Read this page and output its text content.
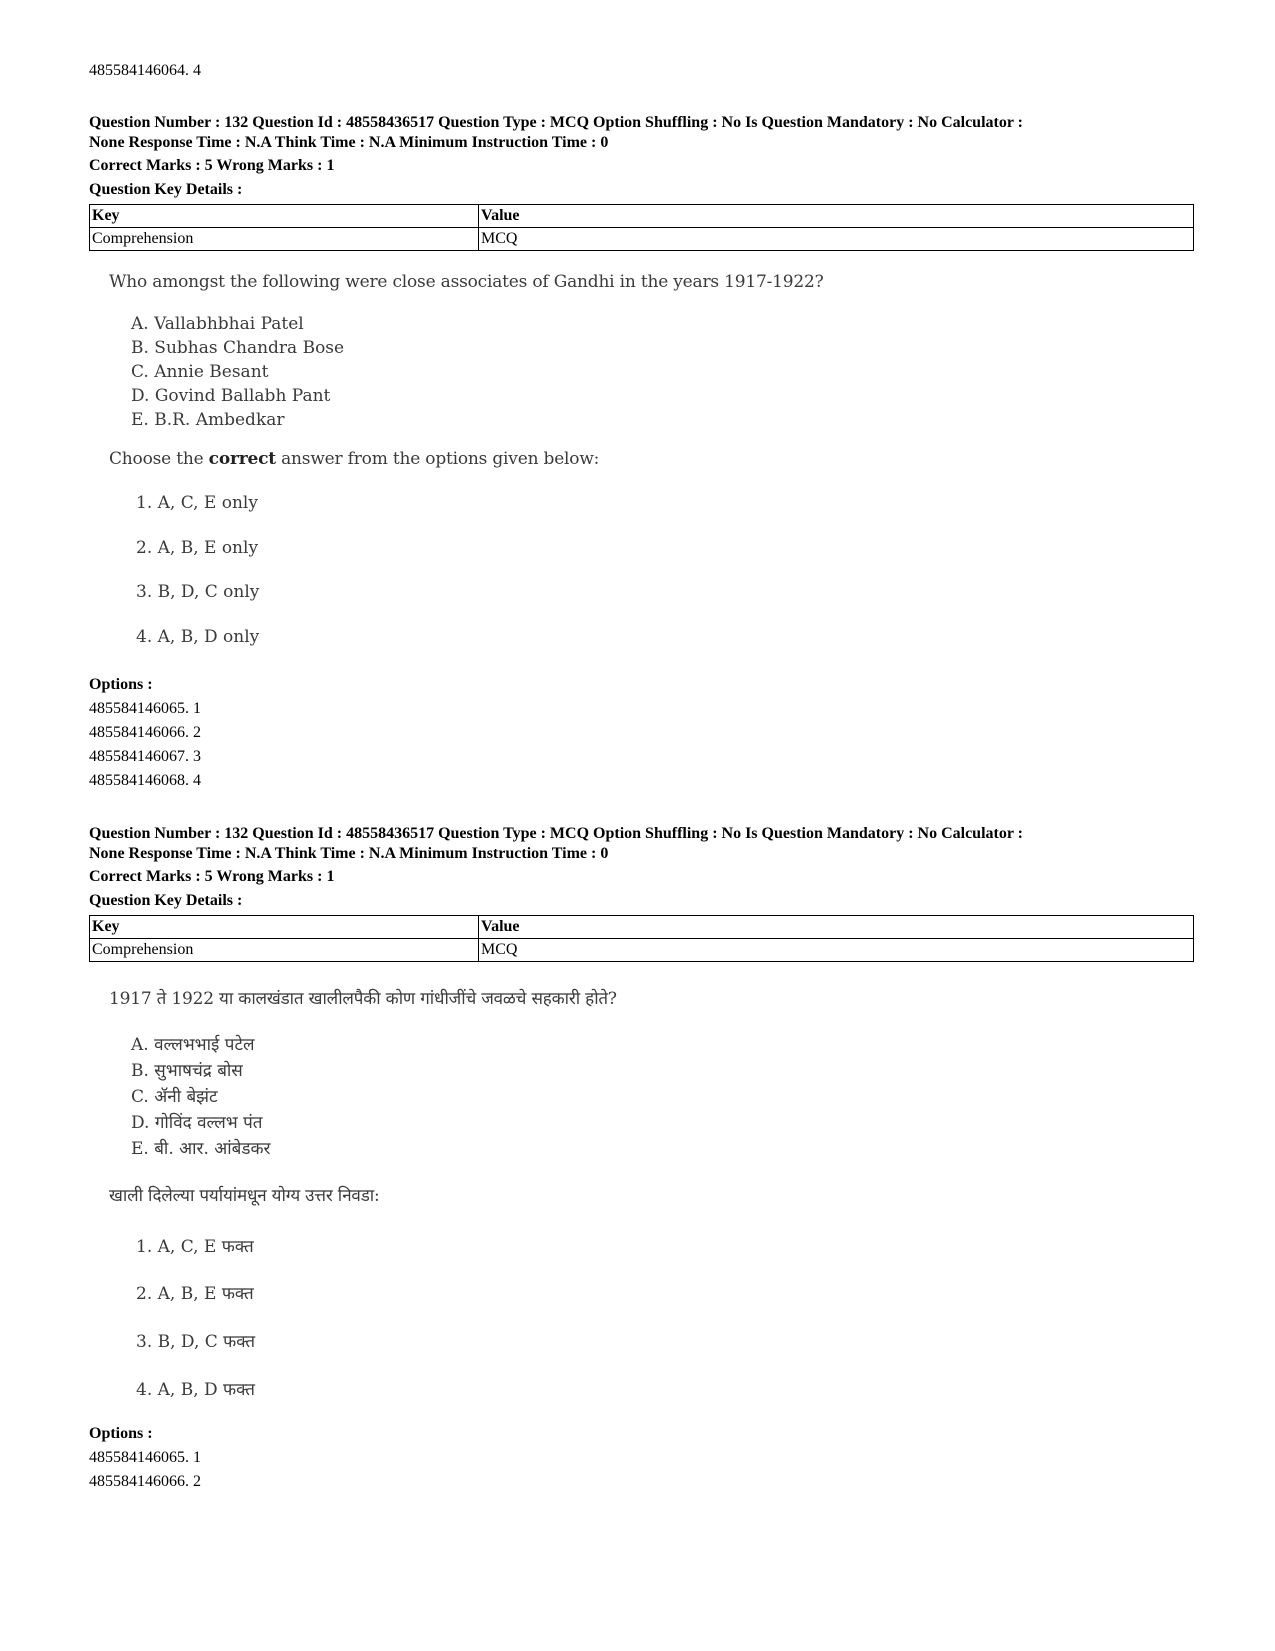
485584146064. 4
Question Number : 132 Question Id : 48558436517 Question Type : MCQ Option Shuffling : No Is Question Mandatory : No Calculator :
None Response Time : N.A Think Time : N.A Minimum Instruction Time : 0
Correct Marks : 5 Wrong Marks : 1
Question Key Details :
Key	Value
Comprehension	MCQ
Who amongst the following were close associates of Gandhi in the years 1917-1922?
A. Vallabhbhai Patel
B. Subhas Chandra Bose
C. Annie Besant
D. Govind Ballabh Pant
E. B.R. Ambedkar
Choose the correct answer from the options given below:
1. A, C, E only
2. A, B, E only
3. B, D, C only
4. A, B, D only
Options :
485584146065. 1
485584146066. 2
485584146067. 3
485584146068. 4
Question Number : 132 Question Id : 48558436517 Question Type : MCQ Option Shuffling : No Is Question Mandatory : No Calculator :
None Response Time : N.A Think Time : N.A Minimum Instruction Time : 0
Correct Marks : 5 Wrong Marks : 1
Question Key Details :
Key	Value
Comprehension	MCQ
1917 ते 1922 या कालखंडात खालीलपैकी कोण गांधीजींचे जवळचे सहकारी होते?
A. वल्लभभाई पटेल
B. सुभाषचंद्र बोस
C. ॲनी बेझंट
D. गोविंद वल्लभ पंत
E. बी. आर. आंबेडकर
खाली दिलेल्या पर्यायांमधून योग्य उत्तर निवडा:
1. A, C, E फक्त
2. A, B, E फक्त
3. B, D, C फक्त
4. A, B, D फक्त
Options :
485584146065. 1
485584146066. 2
